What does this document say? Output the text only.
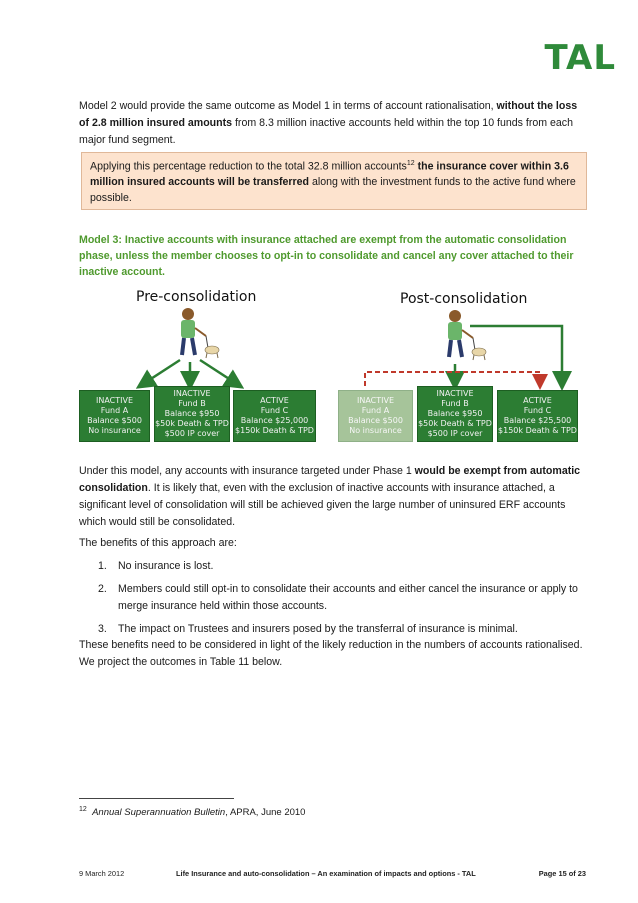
TAL
Model 2 would provide the same outcome as Model 1 in terms of account rationalisation, without the loss of 2.8 million insured amounts from 8.3 million inactive accounts held within the top 10 funds from each major fund segment.
Applying this percentage reduction to the total 32.8 million accounts$^{12}$ the insurance cover within 3.6 million insured accounts will be transferred along with the investment funds to the active fund where possible.
Model 3: Inactive accounts with insurance attached are exempt from the automatic consolidation phase, unless the member chooses to opt-in to consolidate and cancel any cover attached to their inactive account.
Pre-consolidation	Post-consolidation
INACTIVE
Fund A
Balance $500
No insurance
INACTIVE
Fund B
Balance $950
$50k Death & TPD
$500 IP cover
ACTIVE
Fund C
Balance $25,000
$150k Death & TPD
INACTIVE
Fund A
Balance $500
No insurance
INACTIVE
Fund B
Balance $950
$50k Death & TPD
$500 IP cover
ACTIVE
Fund C
Balance $25,500
$150k Death & TPD
Under this model, any accounts with insurance targeted under Phase 1 would be exempt from automatic consolidation. It is likely that, even with the exclusion of inactive accounts with insurance attached, a significant level of consolidation will still be achieved given the large number of uninsured ERF accounts which would still be consolidated.
The benefits of this approach are:
1.	No insurance is lost.
2.	Members could still opt-in to consolidate their accounts and either cancel the insurance or apply to merge insurance held within those accounts.
3.	The impact on Trustees and insurers posed by the transferral of insurance is minimal.
These benefits need to be considered in light of the likely reduction in the numbers of accounts rationalised. We project the outcomes in Table 11 below.
$^{12}$ Annual Superannuation Bulletin, APRA, June 2010
9 March 2012	Life Insurance and auto-consolidation – An examination of impacts and options - TAL	Page 15 of 23
